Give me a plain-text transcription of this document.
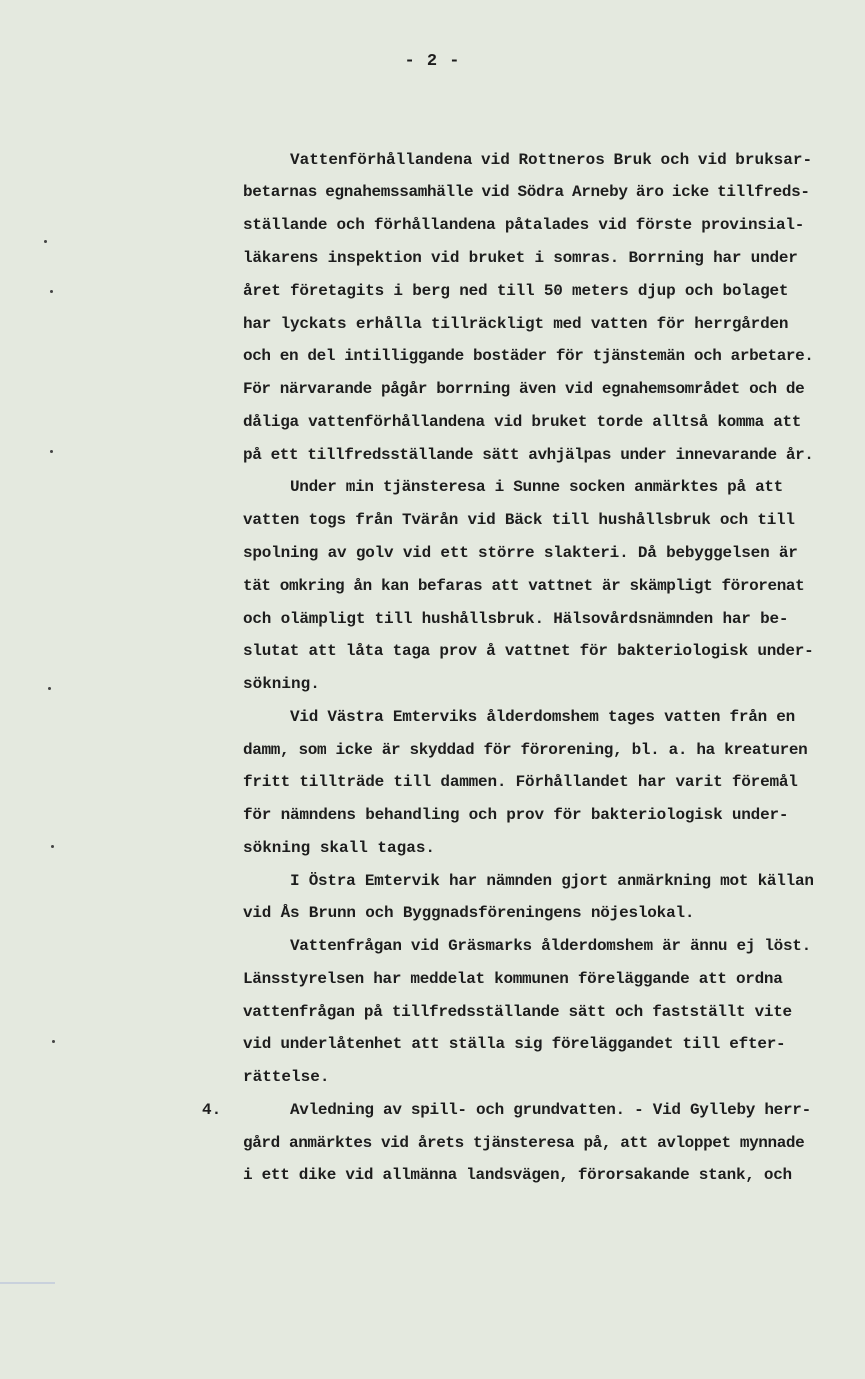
- 2 -
Vattenförhållandena vid Rottneros Bruk och vid bruksar-
betarnas egnahemssamhälle vid Södra Arneby äro icke tillfreds-
ställande och förhållandena påtalades vid förste provinsial-
läkarens inspektion vid bruket i somras. Borrning har under
året företagits i berg ned till 50 meters djup och bolaget
har lyckats erhålla tillräckligt med vatten för herrgården
och en del intilliggande bostäder för tjänstemän och arbetare.
För närvarande pågår borrning även vid egnahemsområdet och de
dåliga vattenförhållandena vid bruket torde alltså komma att
på ett tillfredsställande sätt avhjälpas under innevarande år.
Under min tjänsteresa i Sunne socken anmärktes på att
vatten togs från Tvärån vid Bäck till hushållsbruk och till
spolning av golv vid ett större slakteri. Då bebyggelsen är
tät omkring ån kan befaras att vattnet är skämpligt förorenat
och olämpligt till hushållsbruk. Hälsovårdsnämnden har be-
slutat att låta taga prov å vattnet för bakteriologisk under-
sökning.
Vid Västra Emterviks ålderdomshem tages vatten från en
damm, som icke är skyddad för förorening, bl. a. ha kreaturen
fritt tillträde till dammen. Förhållandet har varit föremål
för nämndens behandling och prov för bakteriologisk under-
sökning skall tagas.
I Östra Emtervik har nämnden gjort anmärkning mot källan
vid Ås Brunn och Byggnadsföreningens nöjeslokal.
Vattenfrågan vid Gräsmarks ålderdomshem är ännu ej löst.
Länsstyrelsen har meddelat kommunen föreläggande att ordna
vattenfrågan på tillfredsställande sätt och fastställt vite
vid underlåtenhet att ställa sig föreläggandet till efter-
rättelse.
4.	Avledning av spill- och grundvatten. - Vid Gylleby herr-
gård anmärktes vid årets tjänsteresa på, att avloppet mynnade
i ett dike vid allmänna landsvägen, förorsakande stank, och
